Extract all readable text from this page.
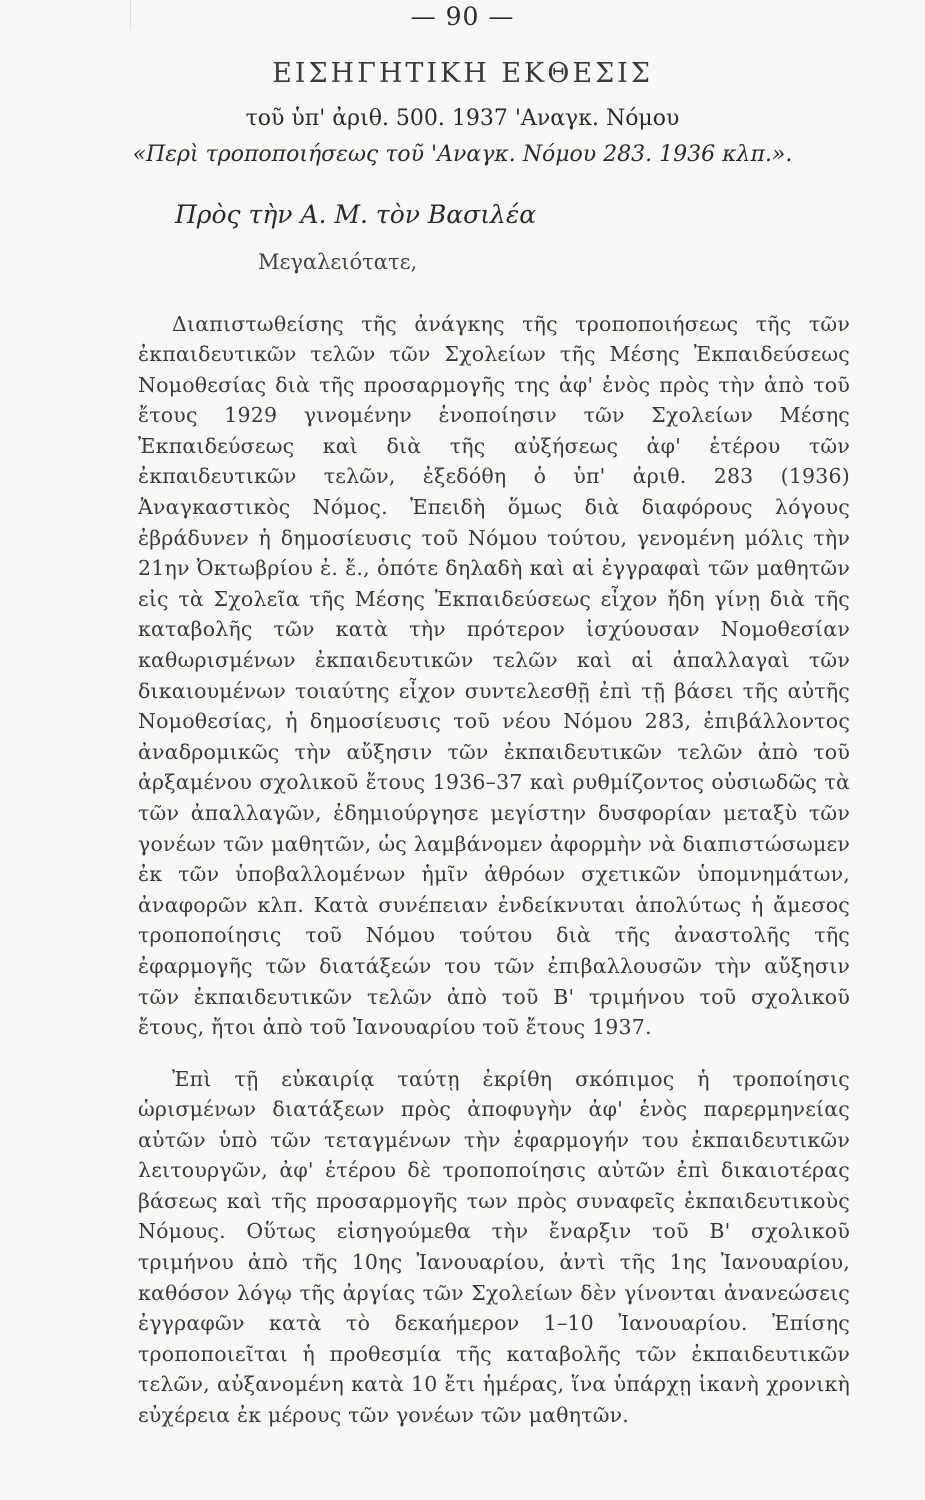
— 90 —
ΕΙΣΗΓΗΤΙΚΗ ΕΚΘΕΣΙΣ
τοῦ ὑπ' ἀριθ. 500. 1937 'Αναγκ. Νόμου
«Περὶ τροποποιήσεως τοῦ 'Αναγκ. Νόμου 283. 1936 κλπ.».
Πρὸς τὴν Α. Μ. τὸν Βασιλέα
Μεγαλειότατε,

Διαπιστωθείσης τῆς ἀνάγκης τῆς τροποποιήσεως τῆς τῶν ἐκπαιδευτικῶν τελῶν τῶν Σχολείων τῆς Μέσης Ἐκπαιδεύσεως Νομοθεσίας διὰ τῆς προσαρμογῆς της ἀφ' ἑνὸς πρὸς τὴν ἀπὸ τοῦ ἔτους 1929 γινομένην ἑνοποίησιν τῶν Σχολείων Μέσης Ἐκπαιδεύσεως καὶ διὰ τῆς αὐξήσεως ἀφ' ἑτέρου τῶν ἐκπαιδευτικῶν τελῶν, ἐξεδόθη ὁ ὑπ' ἀριθ. 283 (1936) Ἀναγκαστικὸς Νόμος. Ἐπειδὴ ὅμως διὰ διαφόρους λόγους ἐβράδυνεν ἡ δημοσίευσις τοῦ Νόμου τούτου, γενομένη μόλις τὴν 21ην Ὀκτωβρίου ἐ. ἔ., ὁπότε δηλαδὴ καὶ αἱ ἐγγραφαὶ τῶν μαθητῶν εἰς τὰ Σχολεῖα τῆς Μέσης Ἐκπαιδεύσεως εἶχον ἤδη γίνῃ διὰ τῆς καταβολῆς τῶν κατὰ τὴν πρότερον ἰσχύουσαν Νομοθεσίαν καθωρισμένων ἐκπαιδευτικῶν τελῶν καὶ αἱ ἀπαλλαγαὶ τῶν δικαιουμένων τοιαύτης εἶχον συντελεσθῇ ἐπὶ τῇ βάσει τῆς αὐτῆς Νομοθεσίας, ἡ δημοσίευσις τοῦ νέου Νόμου 283, ἐπιβάλλοντος ἀναδρομικῶς τὴν αὔξησιν τῶν ἐκπαιδευτικῶν τελῶν ἀπὸ τοῦ ἀρξαμένου σχολικοῦ ἔτους 1936–37 καὶ ρυθμίζοντος οὐσιωδῶς τὰ τῶν ἀπαλλαγῶν, ἐδημιούργησε μεγίστην δυσφορίαν μεταξὺ τῶν γονέων τῶν μαθητῶν, ὡς λαμβάνομεν ἀφορμὴν νὰ διαπιστώσωμεν ἐκ τῶν ὑποβαλλομένων ἡμῖν ἀθρόων σχετικῶν ὑπομνημάτων, ἀναφορῶν κλπ. Κατὰ συνέπειαν ἐνδείκνυται ἀπολύτως ἡ ἄμεσος τροποποίησις τοῦ Νόμου τούτου διὰ τῆς ἀναστολῆς τῆς ἐφαρμογῆς τῶν διατάξεών του τῶν ἐπιβαλλουσῶν τὴν αὔξησιν τῶν ἐκπαιδευτικῶν τελῶν ἀπὸ τοῦ Β' τριμήνου τοῦ σχολικοῦ ἔτους, ἤτοι ἀπὸ τοῦ Ἰανουαρίου τοῦ ἔτους 1937.

Ἐπὶ τῇ εὐκαιρίᾳ ταύτῃ ἐκρίθη σκόπιμος ἡ τροποίησις ὡρισμένων διατάξεων πρὸς ἀποφυγὴν ἀφ' ἑνὸς παρερμηνείας αὐτῶν ὑπὸ τῶν τεταγμένων τὴν ἐφαρμογήν του ἐκπαιδευτικῶν λειτουργῶν, ἀφ' ἑτέρου δὲ τροποποίησις αὐτῶν ἐπὶ δικαιοτέρας βάσεως καὶ τῆς προσαρμογῆς των πρὸς συναφεῖς ἐκπαιδευτικοὺς Νόμους. Οὕτως εἰσηγούμεθα τὴν ἔναρξιν τοῦ Β' σχολικοῦ τριμήνου ἀπὸ τῆς 10ης Ἰανουαρίου, ἀντὶ τῆς 1ης Ἰανουαρίου, καθόσον λόγῳ τῆς ἀργίας τῶν Σχολείων δὲν γίνονται ἀνανεώσεις ἐγγραφῶν κατὰ τὸ δεκαήμερον 1–10 Ἰανουαρίου. Ἐπίσης τροποποιεῖται ἡ προθεσμία τῆς καταβολῆς τῶν ἐκπαιδευτικῶν τελῶν, αὐξανομένη κατὰ 10 ἔτι ἡμέρας, ἵνα ὑπάρχῃ ἱκανὴ χρονικὴ εὐχέρεια ἐκ μέρους τῶν γονέων τῶν μαθητῶν.
